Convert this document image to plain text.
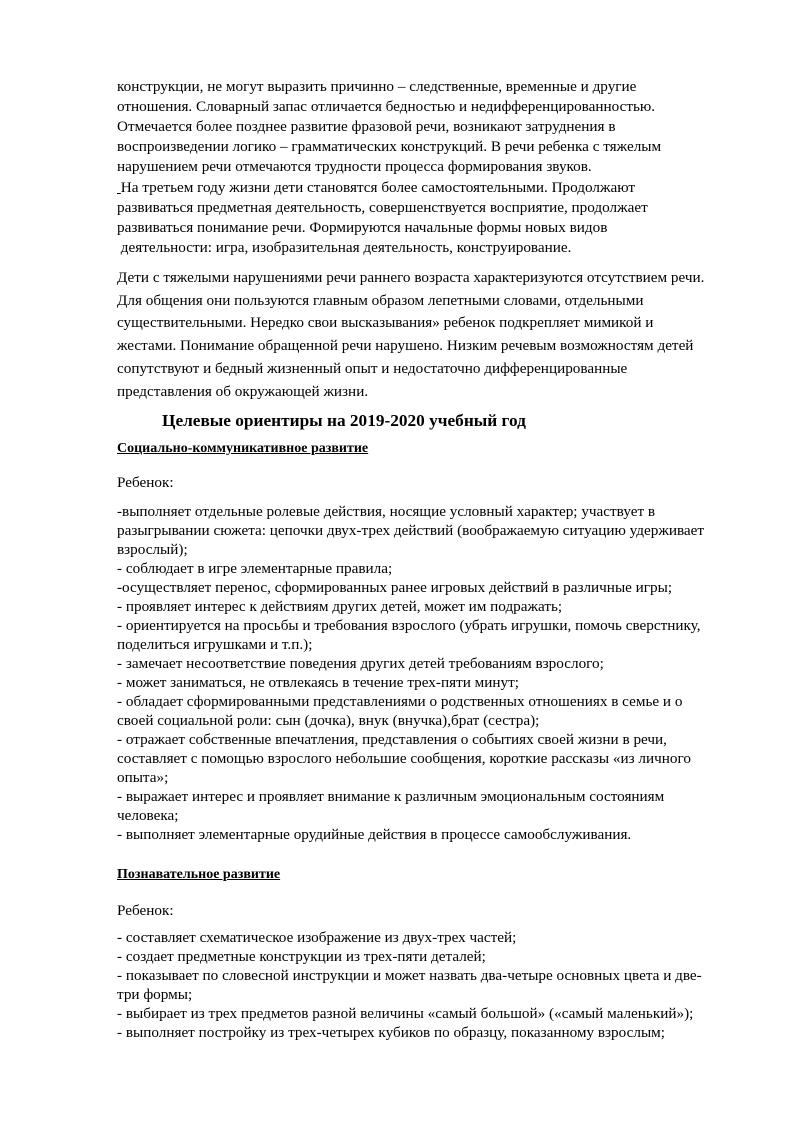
конструкции, не могут выразить причинно – следственные, временные и другие

отношения. Словарный запас отличается бедностью и недифференцированностью.

Отмечается более позднее развитие фразовой речи, возникают затруднения в

воспроизведении логико – грамматических конструкций. В речи ребенка с тяжелым

нарушением речи отмечаются трудности процесса формирования звуков.

На третьем году жизни дети становятся более самостоятельными. Продолжают

развиваться предметная деятельность, совершенствуется восприятие, продолжает

развиваться понимание речи. Формируются начальные формы новых видов

деятельности: игра, изобразительная деятельность, конструирование.

Дети с тяжелыми нарушениями речи раннего возраста характеризуются отсутствием речи.

Для общения они пользуются главным образом лепетными словами, отдельными

существительными. Нередко свои высказывания» ребенок подкрепляет мимикой и

жестами. Понимание обращенной речи нарушено. Низким речевым возможностям детей

сопутствуют и бедный жизненный опыт и недостаточно дифференцированные

представления об окружающей жизни.

Целевые ориентиры на 2019-2020 учебный год
Социально-коммуникативное развитие
Ребенок:

-выполняет отдельные ролевые действия, носящие условный характер; участвует в

разыгрывании сюжета: цепочки двух-трех действий (воображаемую ситуацию удерживает

взрослый);

- соблюдает в игре элементарные правила;

-осуществляет перенос, сформированных ранее игровых действий в различные игры;

- проявляет интерес к действиям других детей, может им подражать;

- ориентируется на просьбы и требования взрослого (убрать игрушки, помочь сверстнику,

поделиться игрушками и т.п.);

- замечает несоответствие поведения других детей требованиям взрослого;

- может заниматься, не отвлекаясь в течение трех-пяти минут;

- обладает сформированными представлениями о родственных отношениях в семье и о

своей социальной роли: сын (дочка), внук (внучка),брат (сестра);

- отражает собственные впечатления, представления о событиях своей жизни в речи,

составляет с помощью взрослого небольшие сообщения, короткие рассказы «из личного

опыта»;

- выражает интерес и проявляет внимание к различным эмоциональным состояниям

человека;

- выполняет элементарные орудийные действия в процессе самообслуживания.

Познавательное развитие
Ребенок:

- составляет схематическое изображение из двух-трех частей;

- создает предметные конструкции из трех-пяти деталей;

- показывает по словесной инструкции и может назвать два-четыре основных цвета и две-

три формы;

- выбирает из трех предметов разной величины «самый большой» («самый маленький»);

- выполняет постройку из трех-четырех кубиков по образцу, показанному взрослым;
